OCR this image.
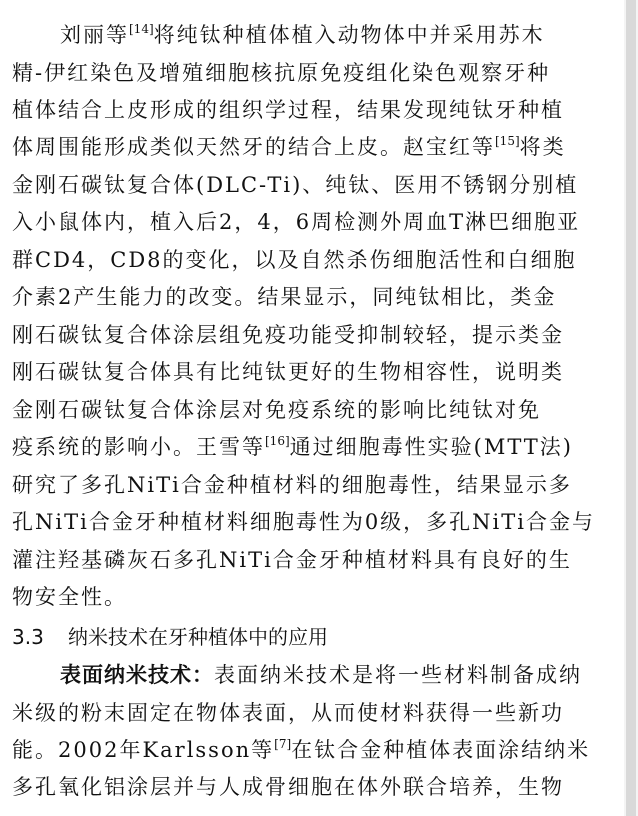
刘丽等[14]将纯钛种植体植入动物体中并采用苏木
精-伊红染色及增殖细胞核抗原免疫组化染色观察牙种
植体结合上皮形成的组织学过程，结果发现纯钛牙种植
体周围能形成类似天然牙的结合上皮。赵宝红等[15]将类
金刚石碳钛复合体(DLC-Ti)、纯钛、医用不锈钢分别植
入小鼠体内，植入后2，4，6周检测外周血T淋巴细胞亚
群CD4，CD8的变化，以及自然杀伤细胞活性和白细胞
介素2产生能力的改变。结果显示，同纯钛相比，类金
刚石碳钛复合体涂层组免疫功能受抑制较轻，提示类金
刚石碳钛复合体具有比纯钛更好的生物相容性，说明类
金刚石碳钛复合体涂层对免疫系统的影响比纯钛对免
疫系统的影响小。王雪等[16]通过细胞毒性实验(MTT法)
研究了多孔NiTi合金种植材料的细胞毒性，结果显示多
孔NiTi合金牙种植材料细胞毒性为0级，多孔NiTi合金与
灌注羟基磷灰石多孔NiTi合金牙种植材料具有良好的生
物安全性。
3.3 纳米技术在牙种植体中的应用
表面纳米技术：表面纳米技术是将一些材料制备成纳
米级的粉末固定在物体表面，从而使材料获得一些新功
能。2002年Karlsson等[7]在钛合金种植体表面涂结纳米
多孔氧化铝涂层并与人成骨细胞在体外联合培养，生物
